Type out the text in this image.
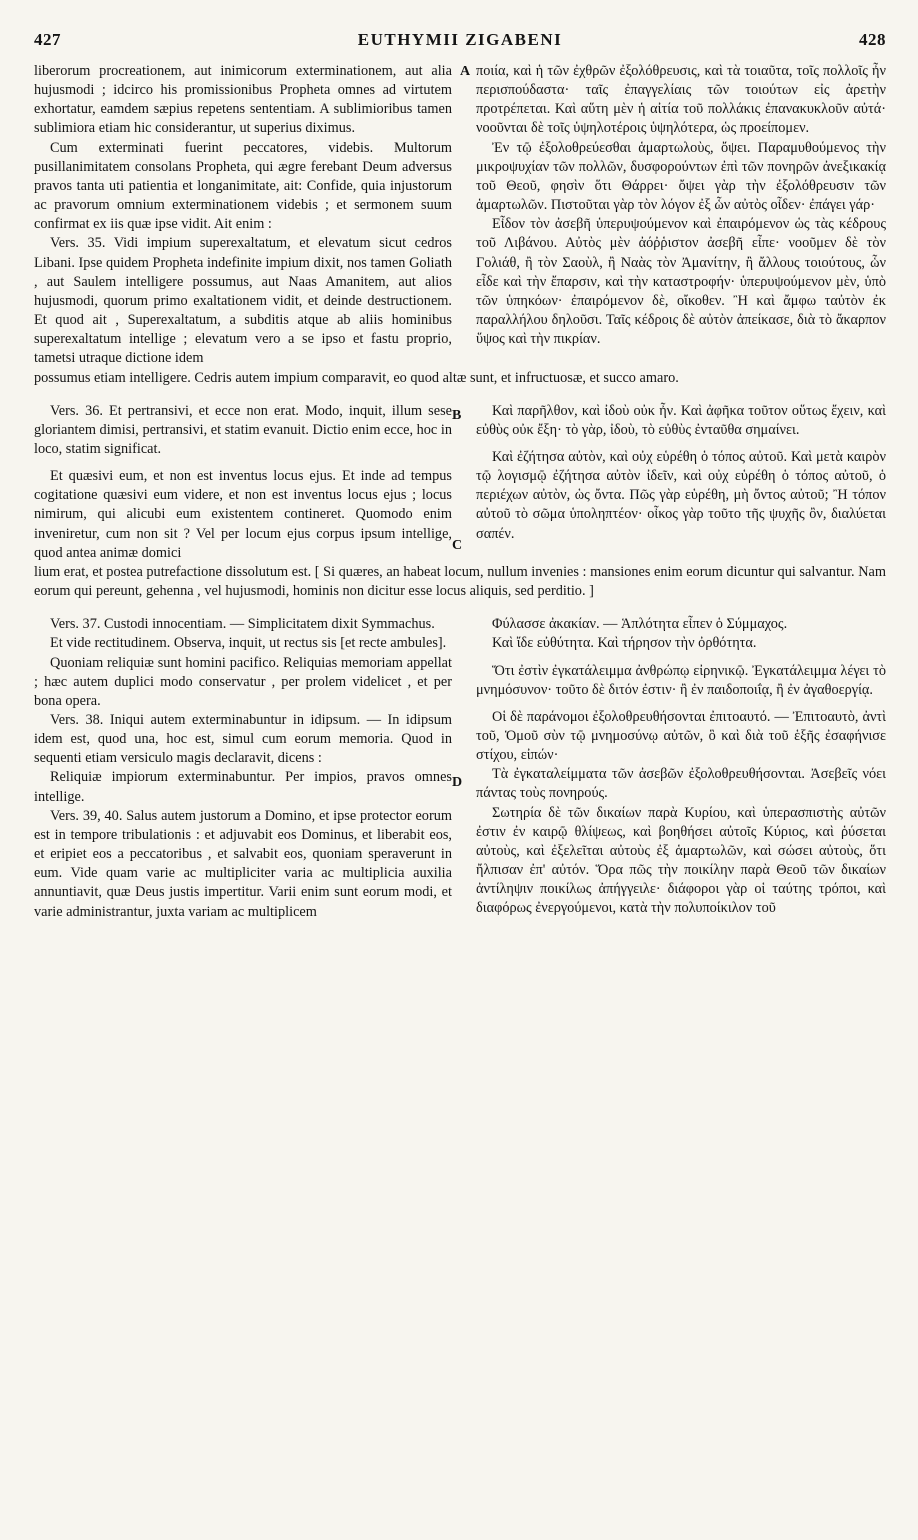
427	EUTHYMII ZIGABENI	428
A
B

liberorum procreationem, aut inimicorum exterminationem, aut alia hujusmodi ; idcirco his promissionibus Propheta omnes ad virtutem exhortatur, eamdem sæpius repetens sententiam. A sublimioribus tamen sublimiora etiam hic considerantur, ut superius diximus.

Cum exterminati fuerint peccatores, videbis. Multorum pusillanimitatem consolans Propheta, qui ægre ferebant Deum adversus pravos tanta uti patientia et longanimitate, ait: Confide, quia injustorum ac pravorum omnium exterminationem videbis ; et sermonem suum confirmat ex iis quæ ipse vidit. Ait enim :

Vers. 35. Vidi impium superexaltatum, et elevatum sicut cedros Libani. Ipse quidem Propheta indefinite impium dixit, nos tamen Goliath , aut Saulem intelligere possumus, aut Naas Amanitem, aut alios hujusmodi, quorum primo exaltationem vidit, et deinde destructionem. Et quod ait , Superexaltatum, a subditis atque ab aliis hominibus superexaltatum intellige ; elevatum vero a se ipso et fastu proprio, tametsi utraque dictione idem

ποιία, καὶ ἡ τῶν ἐχθρῶν ἐξολόθρευσις, καὶ τὰ τοιαῦτα, τοῖς πολλοῖς ἦν περισπούδαστα· ταῖς ἐπαγγελίαις τῶν τοιούτων εἰς ἀρετὴν προτρέπεται. Καὶ αὕτη μὲν ἡ αἰτία τοῦ πολλάκις ἐπανακυκλοῦν αὐτά· νοοῦνται δὲ τοῖς ὑψηλοτέροις ὑψηλότερα, ὡς προείπομεν.

Ἐν τῷ ἐξολοθρεύεσθαι ἁμαρτωλοὺς, ὄψει. Παραμυθούμενος τὴν μικροψυχίαν τῶν πολλῶν, δυσφορούντων ἐπὶ τῶν πονηρῶν ἀνεξικακίᾳ τοῦ Θεοῦ, φησὶν ὅτι Θάρρει· ὄψει γὰρ τὴν ἐξολόθρευσιν τῶν ἁμαρτωλῶν. Πιστοῦται γὰρ τὸν λόγον ἐξ ὧν αὐτὸς οἶδεν· ἐπάγει γάρ·

Εἶδον τὸν ἀσεβῆ ὑπερυψούμενον καὶ ἐπαιρόμενον ὡς τὰς κέδρους τοῦ Λιβάνου. Αὐτὸς μὲν ἀόῤῥιστον ἀσεβῆ εἶπε· νοοῦμεν δὲ τὸν Γολιάθ, ἢ τὸν Σαοὺλ, ἢ Ναὰς τὸν Ἀμανίτην, ἢ ἄλλους τοιούτους, ὧν εἶδε καὶ τὴν ἔπαρσιν, καὶ τὴν καταστροφήν· ὑπερυψούμενον μὲν, ὑπὸ τῶν ὑπηκόων· ἐπαιρόμενον δὲ, οἴκοθεν. Ἢ καὶ ἄμφω ταὐτὸν ἐκ παραλλήλου δηλοῦσι. Ταῖς κέδροις δὲ αὐτὸν ἀπείκασε, διὰ τὸ ἄκαρπον ὕψος καὶ τὴν πικρίαν.

possumus etiam intelligere. Cedris autem impium comparavit, eo quod altæ sunt, et infructuosæ, et succo amaro.

C

Vers. 36. Et pertransivi, et ecce non erat. Modo, inquit, illum sese gloriantem dimisi, pertransivi, et statim evanuit. Dictio enim ecce, hoc in loco, statim significat.

Et quæsivi eum, et non est inventus locus ejus. Et inde ad tempus cogitatione quæsivi eum videre, et non est inventus locus ejus ; locus nimirum, qui alicubi eum existentem contineret. Quomodo enim inveniretur, cum non sit ? Vel per locum ejus corpus ipsum intellige, quod antea animæ domici

Καὶ παρῆλθον, καὶ ἰδοὺ οὐκ ἦν. Καὶ ἀφῆκα τοῦτον οὕτως ἔχειν, καὶ εὐθὺς οὐκ ἔξη· τὸ γὰρ, ἰδοὺ, τὸ εὐθὺς ἐνταῦθα σημαίνει.

Καὶ ἐζήτησα αὐτὸν, καὶ οὐχ εὑρέθη ὁ τόπος αὐτοῦ. Καὶ μετὰ καιρὸν τῷ λογισμῷ ἐζήτησα αὐτὸν ἰδεῖν, καὶ οὐχ εὑρέθη ὁ τόπος αὐτοῦ, ὁ περιέχων αὐτὸν, ὡς ὄντα. Πῶς γὰρ εὑρέθη, μὴ ὄντος αὐτοῦ; Ἢ τόπον αὐτοῦ τὸ σῶμα ὑποληπτέον· οἶκος γὰρ τοῦτο τῆς ψυχῆς ὂν, διαλύεται σαπέν.

lium erat, et postea putrefactione dissolutum est. [ Si quæres, an habeat locum, nullum invenies : mansiones enim eorum dicuntur qui salvantur. Nam eorum qui pereunt, gehenna , vel hujusmodi, hominis non dicitur esse locus aliquis, sed perditio. ]

D

Vers. 37. Custodi innocentiam. — Simplicitatem dixit Symmachus.

Et vide rectitudinem. Observa, inquit, ut rectus sis [et recte ambules].

Quoniam reliquiæ sunt homini pacifico. Reliquias memoriam appellat ; hæc autem duplici modo conservatur , per prolem videlicet , et per bona opera.

Vers. 38. Iniqui autem exterminabuntur in idipsum. — In idipsum idem est, quod una, hoc est, simul cum eorum memoria. Quod in sequenti etiam versiculo magis declaravit, dicens :

Reliquiæ impiorum exterminabuntur. Per impios, pravos omnes intellige.

Vers. 39, 40. Salus autem justorum a Domino, et ipse protector eorum est in tempore tribulationis : et adjuvabit eos Dominus, et liberabit eos, et eripiet eos a peccatoribus , et salvabit eos, quoniam speraverunt in eum. Vide quam varie ac multipliciter varia ac multiplicia auxilia annuntiavit, quæ Deus justis impertitur. Varii enim sunt eorum modi, et varie administrantur, juxta variam ac multiplicem

Φύλασσε ἀκακίαν. — Ἁπλότητα εἶπεν ὁ Σύμμαχος.

Καὶ ἴδε εὐθύτητα. Καὶ τήρησον τὴν ὀρθότητα.

Ὅτι ἐστὶν ἐγκατάλειμμα ἀνθρώπῳ εἰρηνικῷ. Ἐγκατάλειμμα λέγει τὸ μνημόσυνον· τοῦτο δὲ διτόν ἐστιν· ἢ ἐν παιδοποιΐᾳ, ἢ ἐν ἀγαθοεργίᾳ.

Οἱ δὲ παράνομοι ἐξολοθρευθήσονται ἐπιτοαυτό. — Ἐπιτοαυτὸ, ἀντὶ τοῦ, Ὁμοῦ σὺν τῷ μνημοσύνῳ αὐτῶν, ὃ καὶ διὰ τοῦ ἑξῆς ἐσαφήνισε στίχου, εἰπών·

Τὰ ἐγκαταλείμματα τῶν ἀσεβῶν ἐξολοθρευθήσονται. Ἀσεβεῖς νόει πάντας τοὺς πονηρούς.

Σωτηρία δὲ τῶν δικαίων παρὰ Κυρίου, καὶ ὑπερασπιστὴς αὐτῶν ἐστιν ἐν καιρῷ θλίψεως, καὶ βοηθήσει αὐτοῖς Κύριος, καὶ ῥύσεται αὐτοὺς, καὶ ἐξελεῖται αὐτοὺς ἐξ ἁμαρτωλῶν, καὶ σώσει αὐτοὺς, ὅτι ἤλπισαν ἐπ' αὐτόν. Ὅρα πῶς τὴν ποικίλην παρὰ Θεοῦ τῶν δικαίων ἀντίληψιν ποικίλως ἀπήγγειλε· διάφοροι γὰρ οἱ ταύτης τρόποι, καὶ διαφόρως ἐνεργούμενοι, κατὰ τὴν πολυποίκιλον τοῦ
